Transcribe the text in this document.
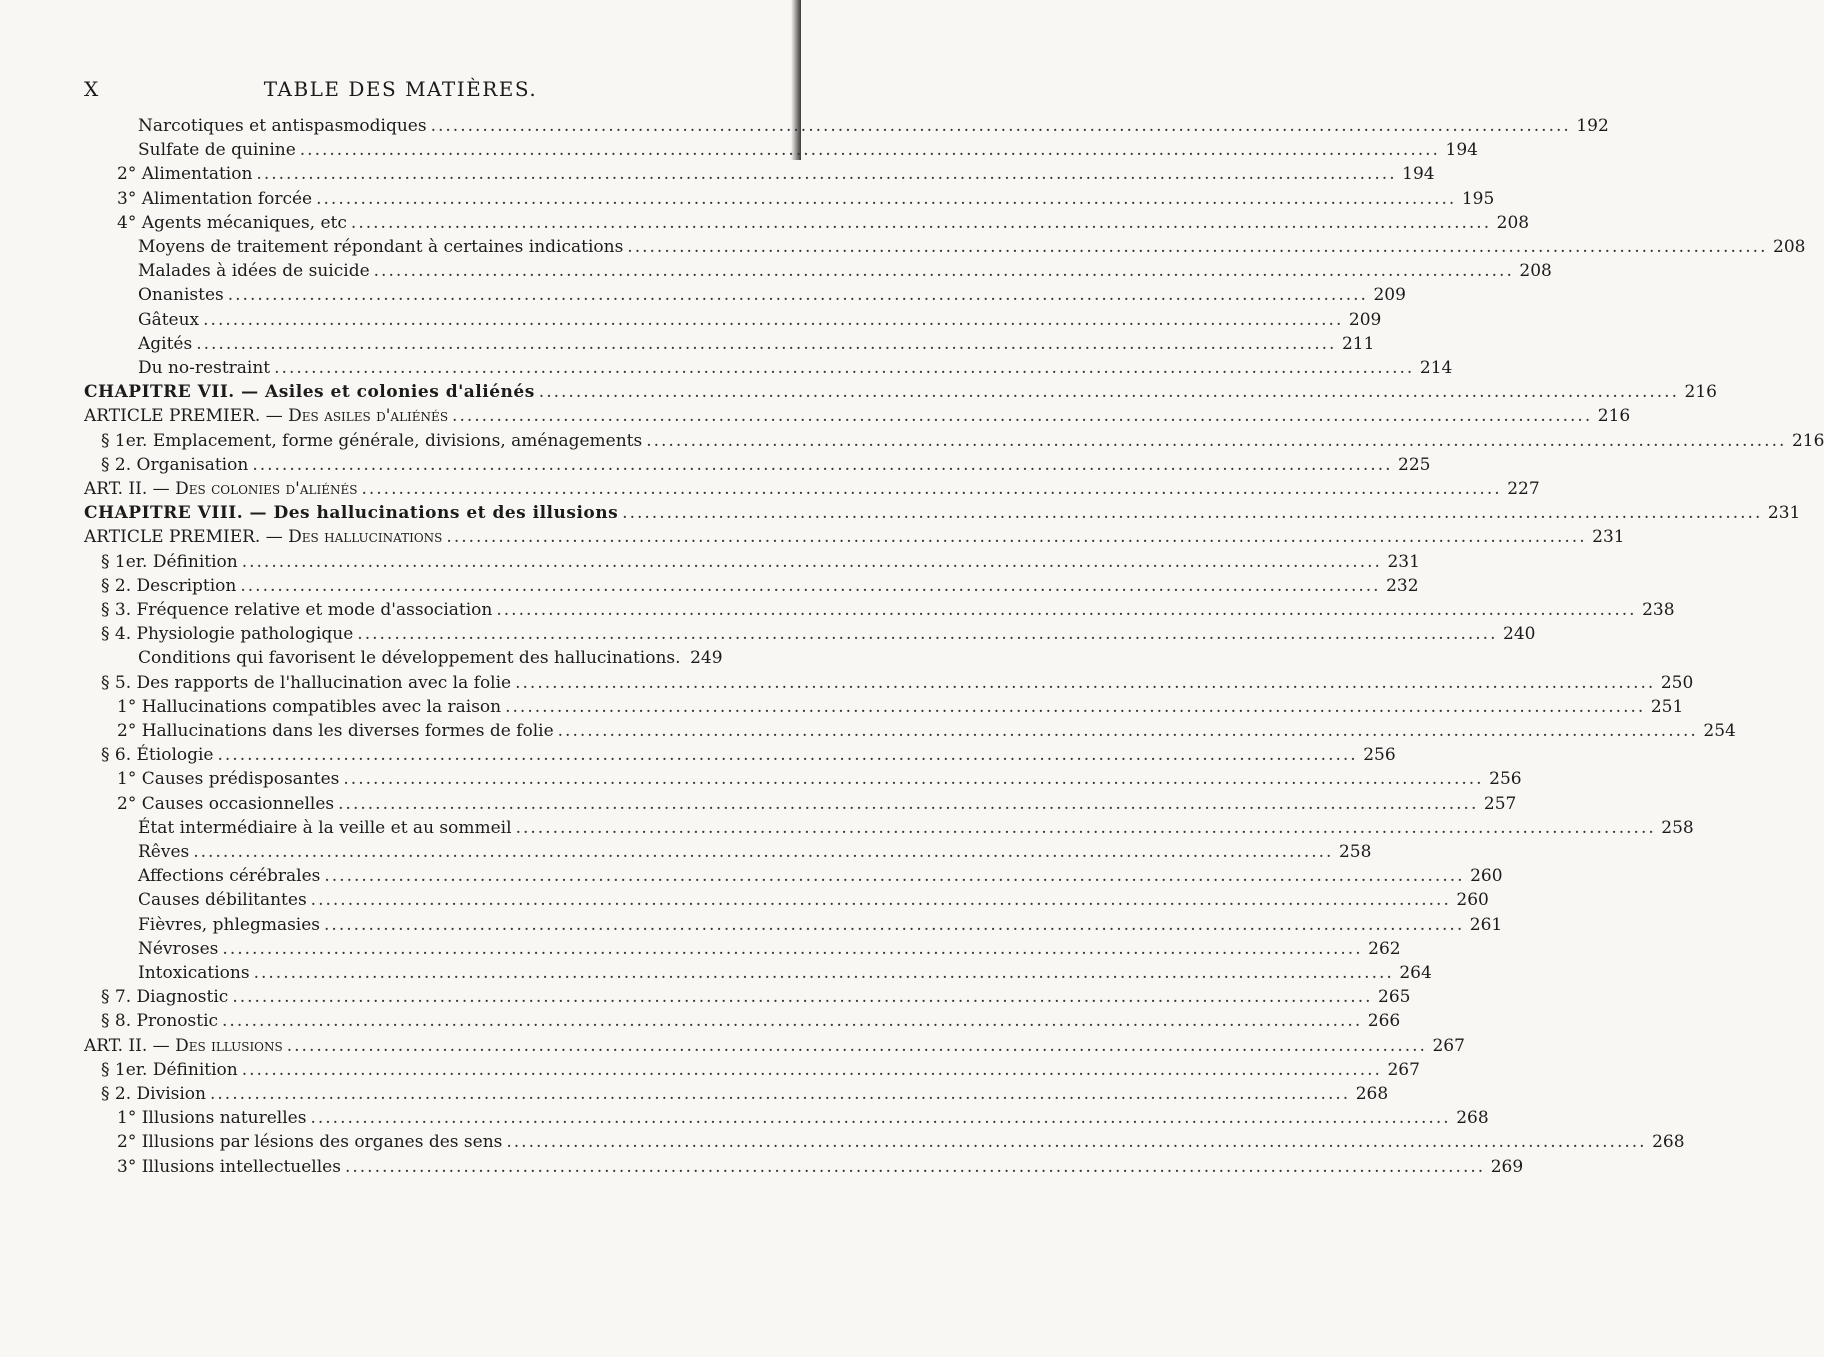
X	TABLE DES MATIÈRES.
Narcotiques et antispasmodiques .....	192
Sulfate de quinine .....	194
2° Alimentation .....	194
3° Alimentation forcée .....	195
4° Agents mécaniques, etc .....	208
Moyens de traitement répondant à certaines indications .....	208
Malades à idées de suicide .....	208
Onanistes .....	209
Gâteux .....	209
Agités .....	211
Du no-restraint .....	214
CHAPITRE VII. — Asiles et colonies d'aliénés .....	216
ARTICLE PREMIER. — Des asiles d'aliénés .....	216
§ 1er. Emplacement, forme générale, divisions, aménagements .....	216
§ 2. Organisation .....	225
ART. II. — Des colonies d'aliénés .....	227
CHAPITRE VIII. — Des hallucinations et des illusions .....	231
ARTICLE PREMIER. — Des hallucinations .....	231
§ 1er. Définition .....	231
§ 2. Description .....	232
§ 3. Fréquence relative et mode d'association .....	238
§ 4. Physiologie pathologique .....	240
Conditions qui favorisent le développement des hallucinations. 249
§ 5. Des rapports de l'hallucination avec la folie .....	250
1° Hallucinations compatibles avec la raison .....	251
2° Hallucinations dans les diverses formes de folie .....	254
§ 6. Étiologie .....	256
1° Causes prédisposantes .....	256
2° Causes occasionnelles .....	257
État intermédiaire à la veille et au sommeil .....	258
Rêves .....	258
Affections cérébrales .....	260
Causes débilitantes .....	260
Fièvres, phlegmasies .....	261
Névroses .....	262
Intoxications .....	264
§ 7. Diagnostic .....	265
§ 8. Pronostic .....	266
ART. II. — Des illusions .....	267
§ 1er. Définition .....	267
§ 2. Division .....	268
1° Illusions naturelles .....	268
2° Illusions par lésions des organes des sens .....	268
3° Illusions intellectuelles .....	269
